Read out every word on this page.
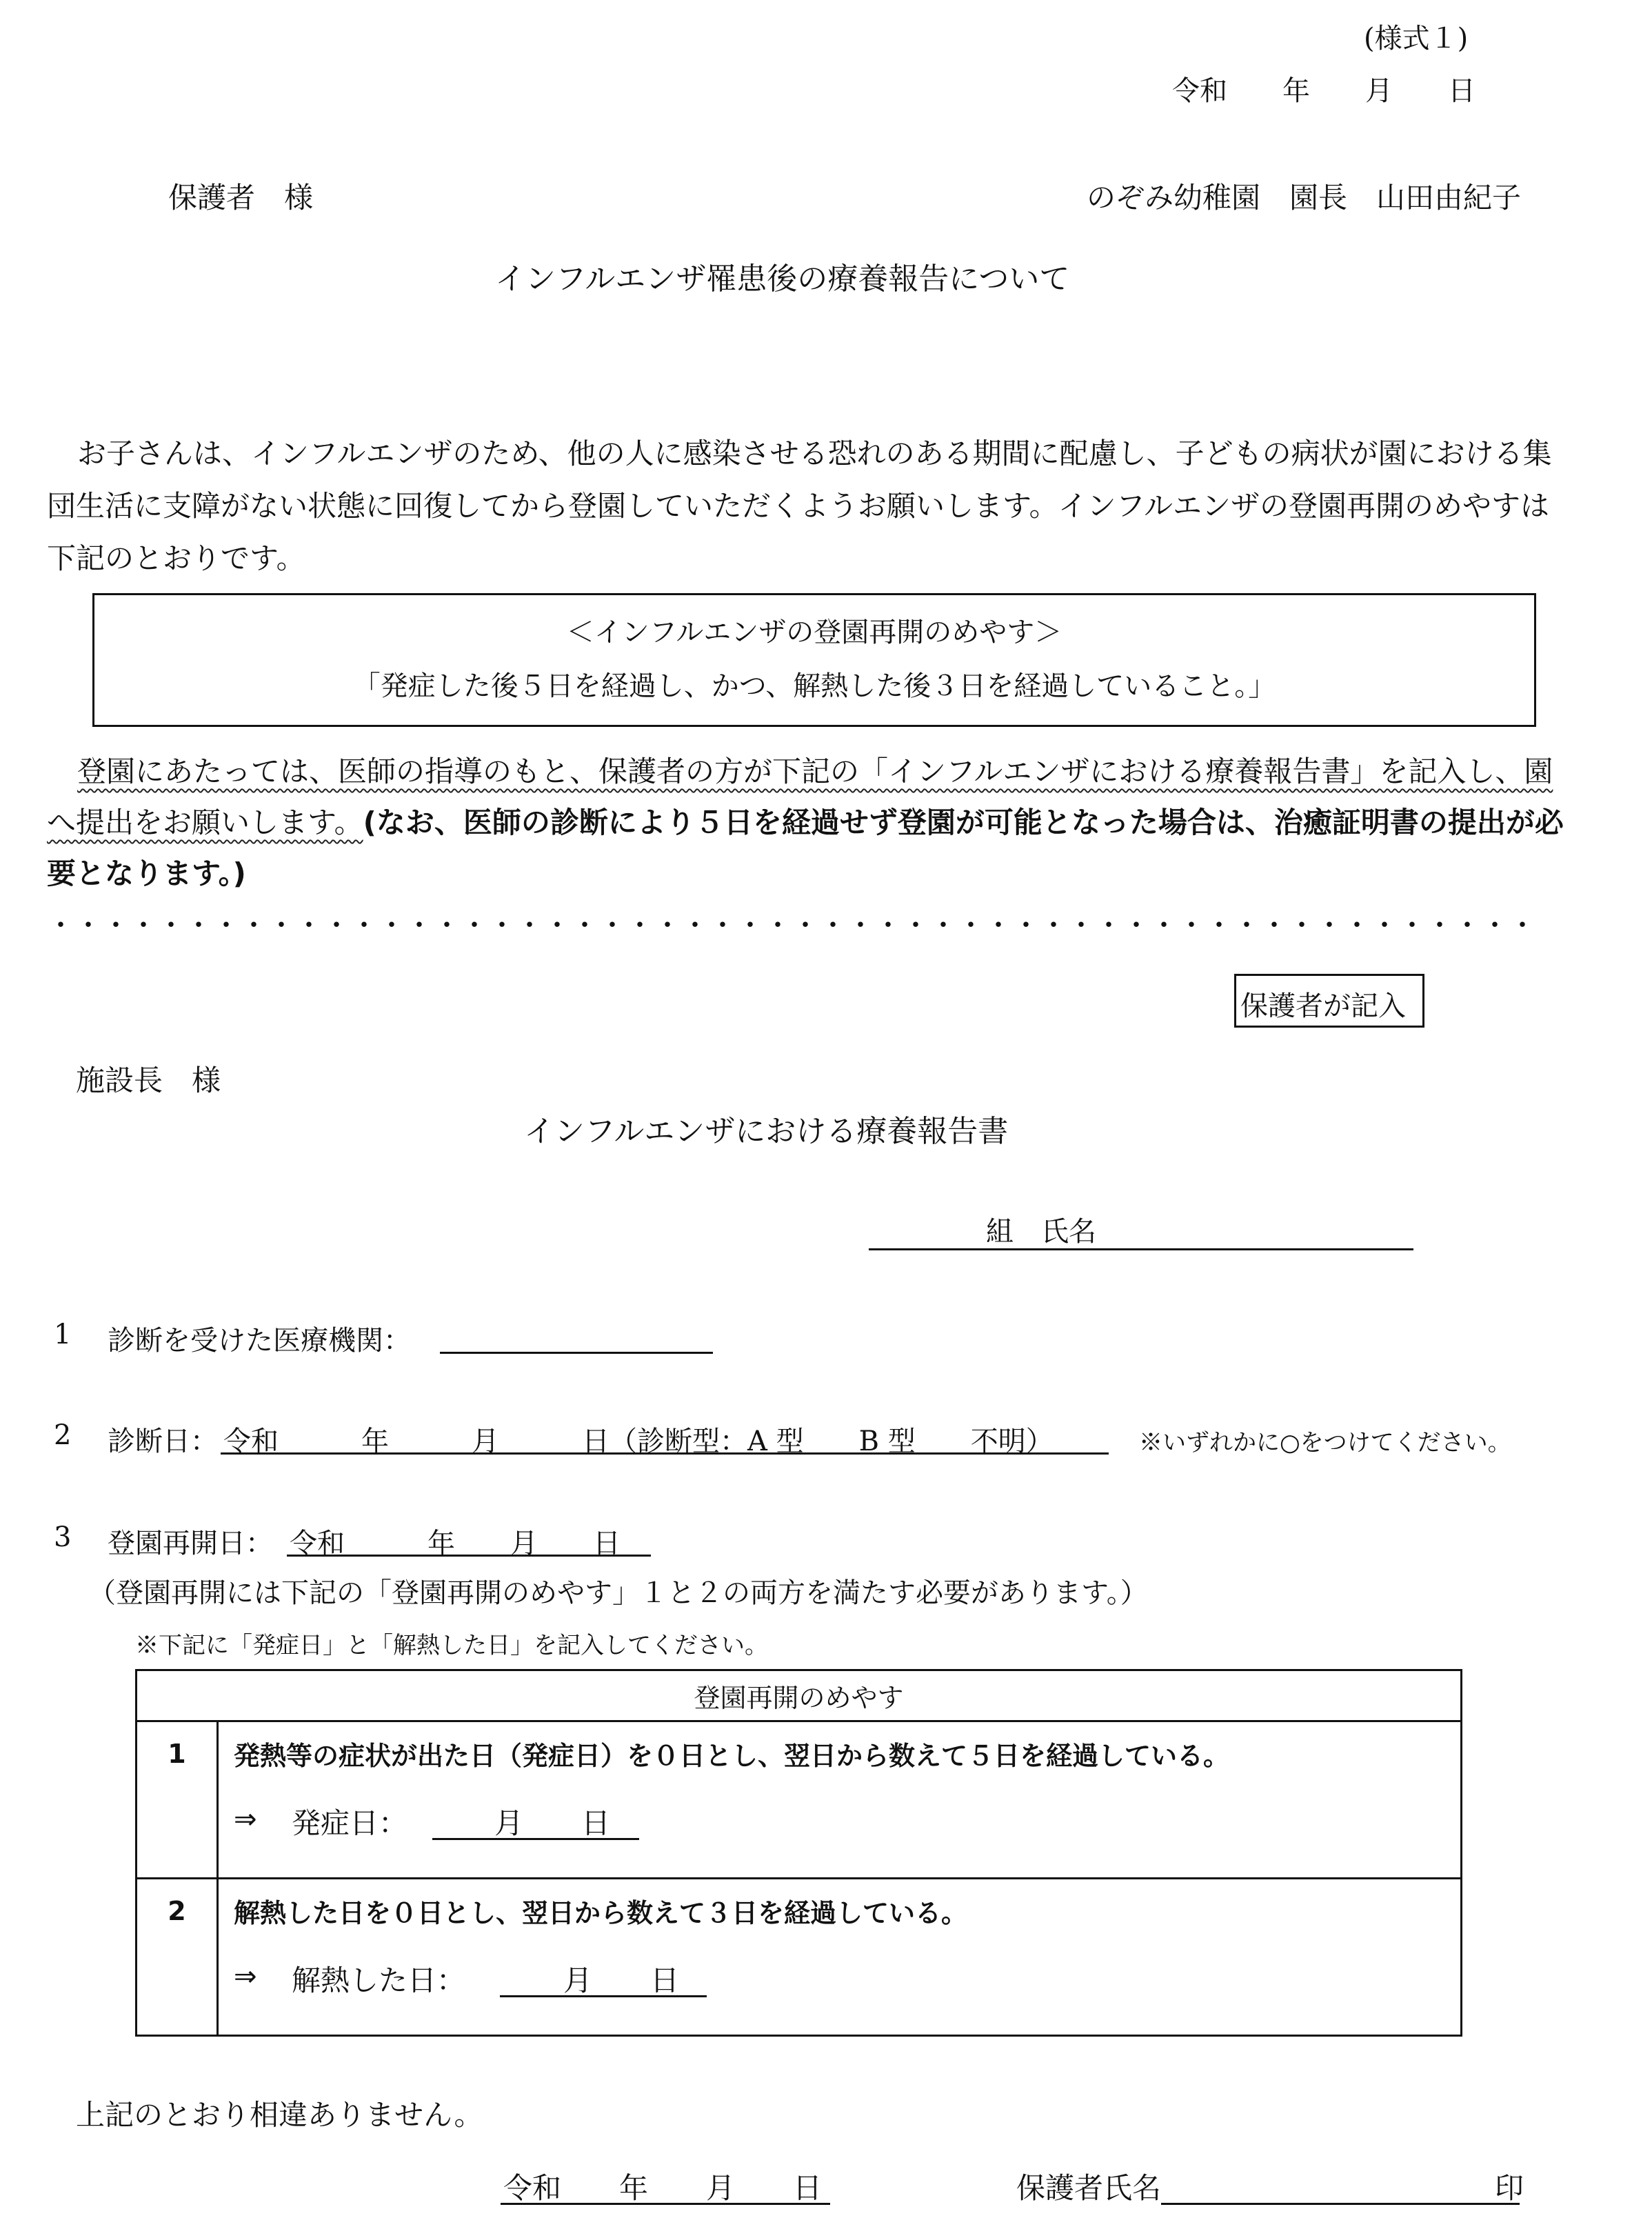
(様式１)
令和　　年　　月　　日
保護者　様	のぞみ幼稚園　園長　山田由紀子
インフルエンザ罹患後の療養報告について
お子さんは、インフルエンザのため、他の人に感染させる恐れのある期間に配慮し、子どもの病状が園における集団生活に支障がない状態に回復してから登園していただくようお願いします。インフルエンザの登園再開のめやすは下記のとおりです。
＜インフルエンザの登園再開のめやす＞
「発症した後５日を経過し、かつ、解熱した後３日を経過していること。」
登園にあたっては、医師の指導のもと、保護者の方が下記の「インフルエンザにおける療養報告書」を記入し、園へ提出をお願いします。(なお、医師の診断により５日を経過せず登園が可能となった場合は、治癒証明書の提出が必要となります。)
・・・・・・・・・・・・・・・・・・・・・・・・・・・・・・・・・・・・・・・・・・・・・・・・・・・・・・
保護者が記入
施設長　様
インフルエンザにおける療養報告書
組　氏名
1 診断を受けた医療機関：
2 診断日： 令和　　　年　　　月　　　日（診断型：A 型　　B 型　　不明）	※いずれかに○をつけてください。
3 登園再開日： 令和　　　年　　月　　日
（登園再開には下記の「登園再開のめやす」１と２の両方を満たす必要があります。）
※下記に「発症日」と「解熱した日」を記入してください。
登園再開のめやす	
1	発熱等の症状が出た日（発症日）を０日とし、翌日から数えて５日を経過している。
⇒ 発症日： 月　　日

2	解熱した日を０日とし、翌日から数えて３日を経過している。
⇒ 解熱した日： 月　　日
上記のとおり相違ありません。
令和　　年　　月　　日	保護者氏名	印
